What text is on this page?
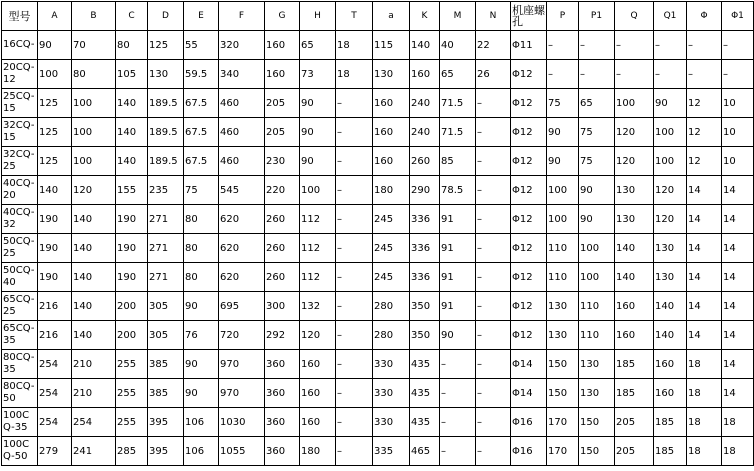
型号	A	B	C	D	E	F	G	H	T	a	K	M	N	机座螺孔	P	P1	Q	Q1	Φ	Φ1
16CQ-	90	70	80	125	55	320	160	65	18	115	140	40	22	Φ11	–	–	–	–	–	–
20CQ-12	100	80	105	130	59.5	340	160	73	18	130	160	65	26	Φ12	–	–	–	–	–	–
25CQ-15	125	100	140	189.5	67.5	460	205	90	–	160	240	71.5	–	Φ12	75	65	100	90	12	10
32CQ-15	125	100	140	189.5	67.5	460	205	90	–	160	240	71.5	–	Φ12	90	75	120	100	12	10
32CQ-25	125	100	140	189.5	67.5	460	230	90	–	160	260	85	–	Φ12	90	75	120	100	12	10
40CQ-20	140	120	155	235	75	545	220	100	–	180	290	78.5	–	Φ12	100	90	130	120	14	14
40CQ-32	190	140	190	271	80	620	260	112	–	245	336	91	–	Φ12	100	90	130	120	14	14
50CQ-25	190	140	190	271	80	620	260	112	–	245	336	91	–	Φ12	110	100	140	130	14	14
50CQ-40	190	140	190	271	80	620	260	112	–	245	336	91	–	Φ12	110	100	140	130	14	14
65CQ-25	216	140	200	305	90	695	300	132	–	280	350	91	–	Φ12	130	110	160	140	14	14
65CQ-35	216	140	200	305	76	720	292	120	–	280	350	90	–	Φ12	130	110	160	140	14	14
80CQ-35	254	210	255	385	90	970	360	160	–	330	435	–	–	Φ14	150	130	185	160	18	14
80CQ-50	254	210	255	385	90	970	360	160	–	330	435	–	–	Φ14	150	130	185	160	18	14
100CQ-35	254	254	255	395	106	1030	360	160	–	330	435	–	–	Φ16	170	150	205	185	18	18
100CQ-50	279	241	285	395	106	1055	360	180	–	335	465	–	–	Φ16	170	150	205	185	18	18
